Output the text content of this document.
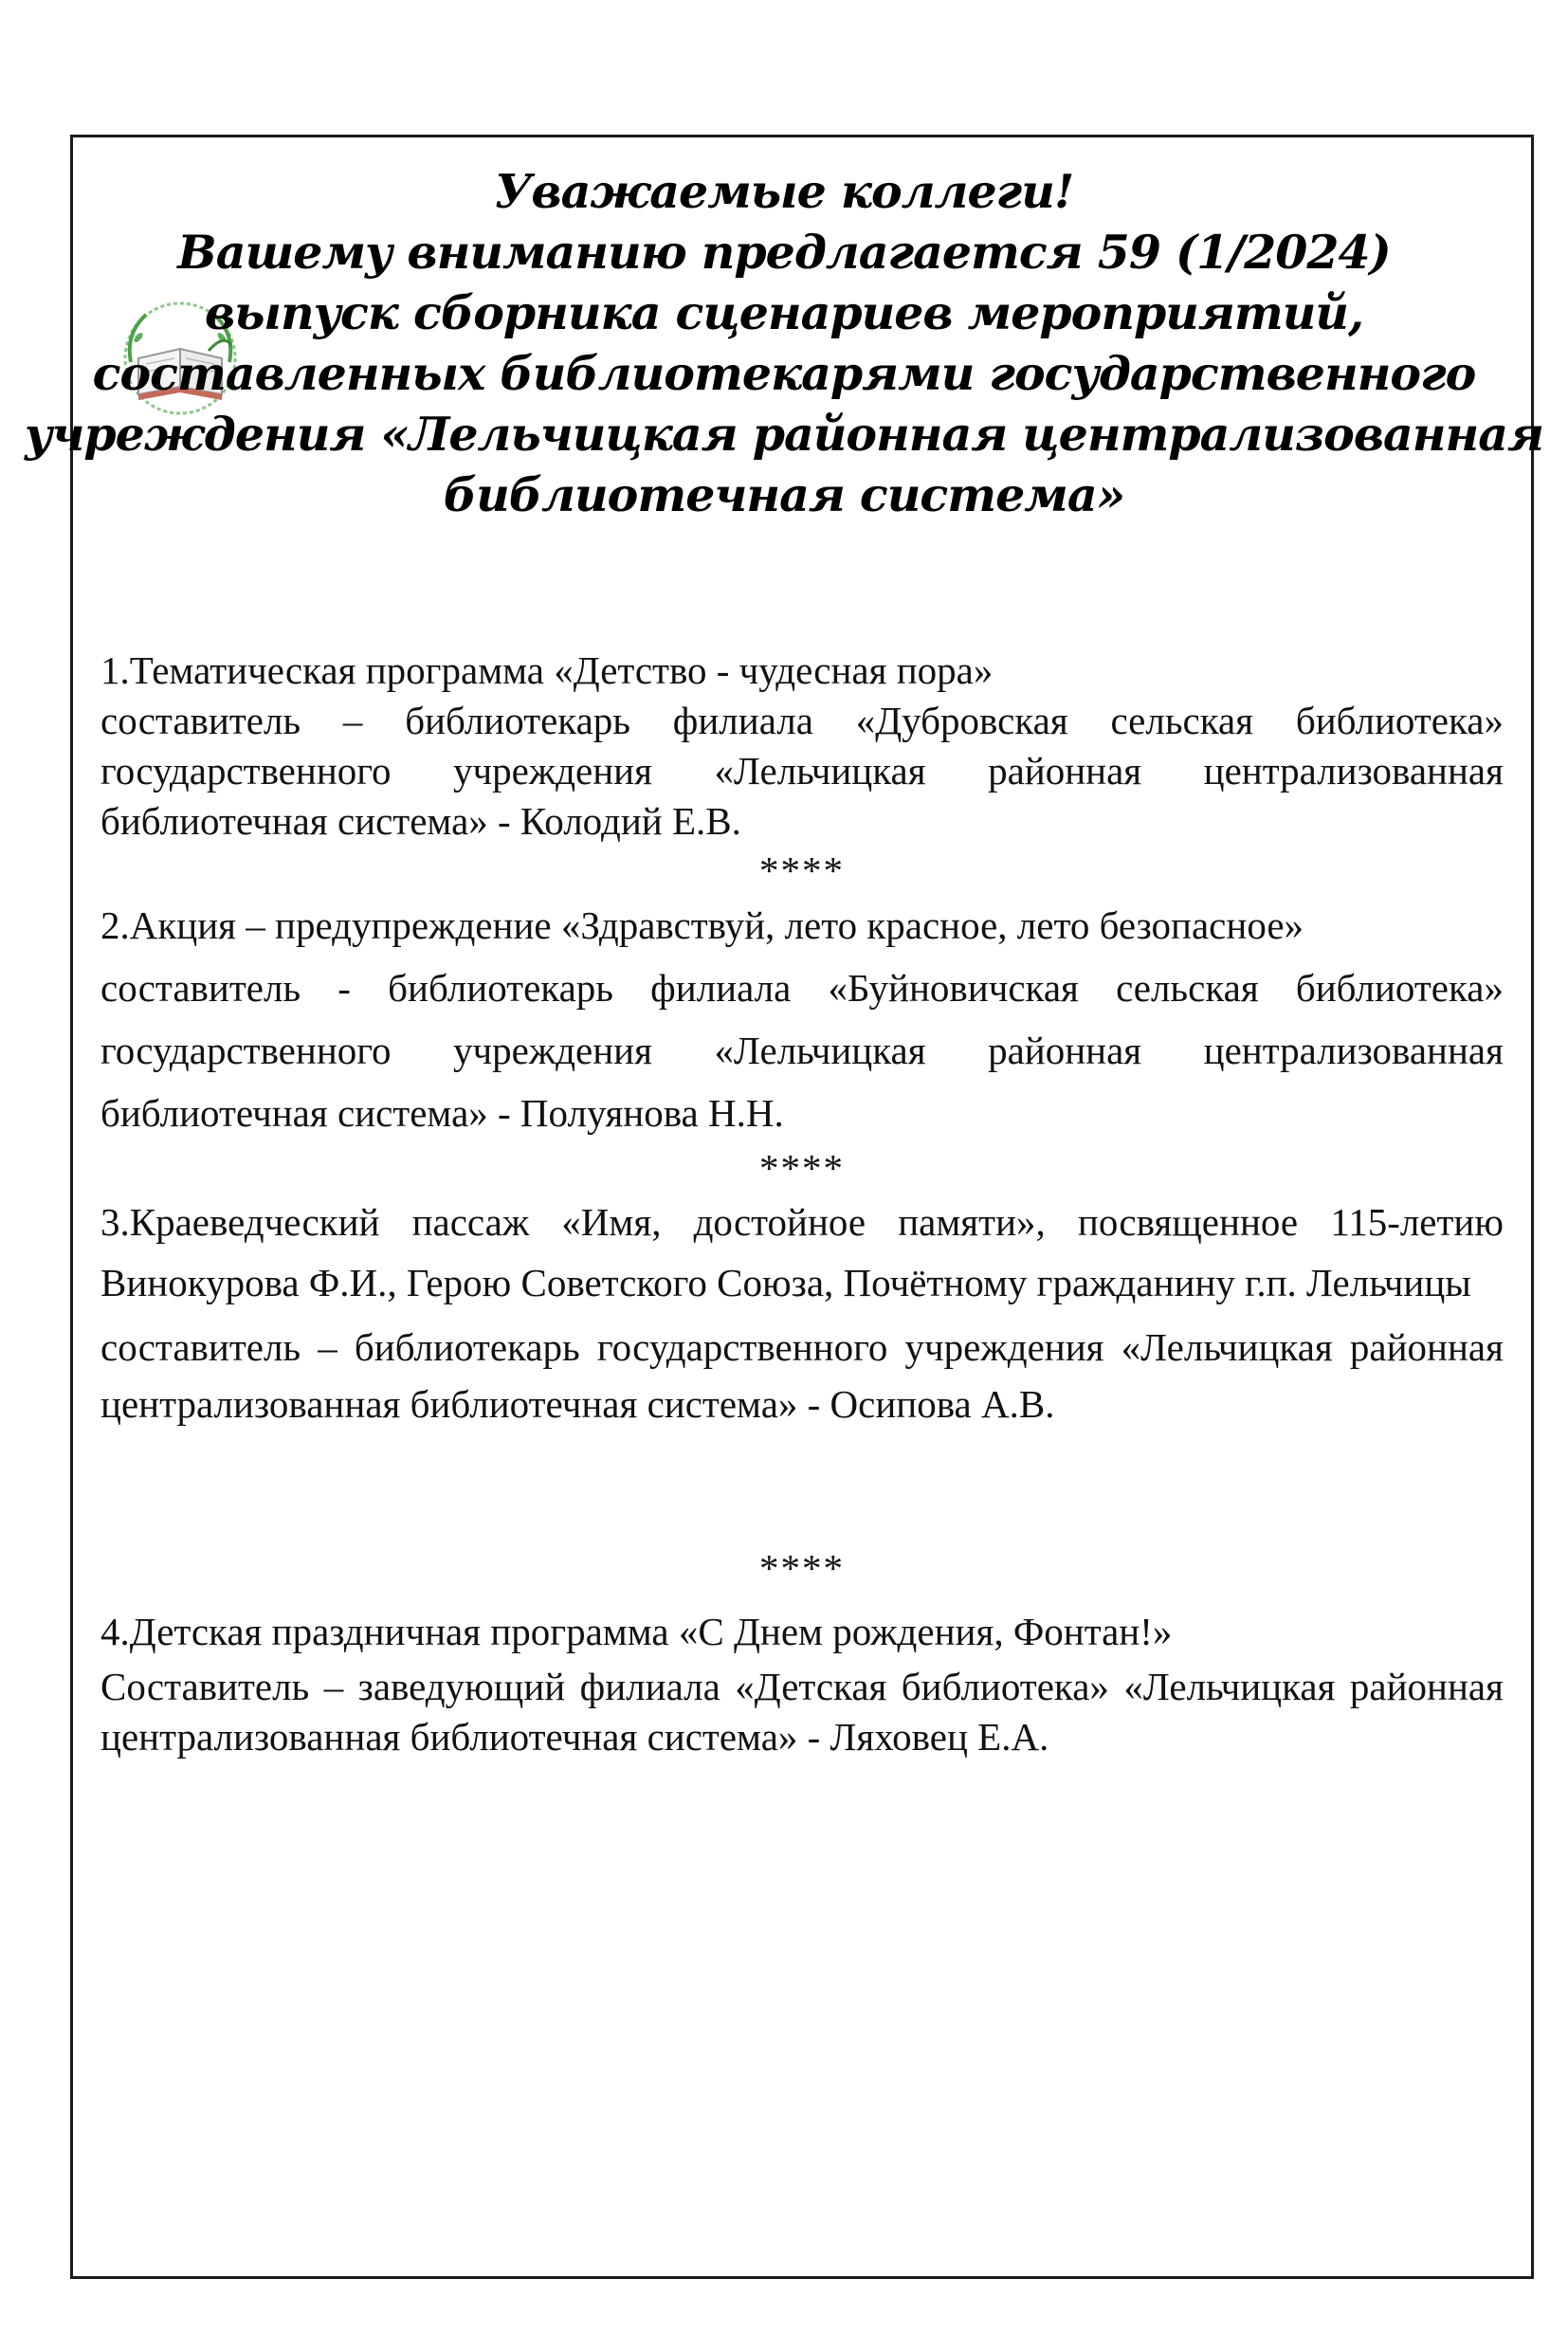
Уважаемые коллеги!
Вашему вниманию предлагается 59 (1/2024)
выпуск сборника сценариев мероприятий,
составленных библиотекарями государственного
учреждения «Лельчицкая районная централизованная
библиотечная система»
1.Тематическая программа «Детство - чудесная пора»
составитель – библиотекарь филиала «Дубровская сельская библиотека» государственного учреждения «Лельчицкая районная централизованная библиотечная система» - Колодий Е.В.
****
2.Акция – предупреждение «Здравствуй, лето красное, лето безопасное»
составитель - библиотекарь филиала «Буйновичская сельская библиотека» государственного учреждения «Лельчицкая районная централизованная библиотечная система» - Полуянова Н.Н.
****
3.Краеведческий пассаж «Имя, достойное памяти», посвященное 115-летию Винокурова Ф.И., Герою Советского Союза, Почётному гражданину г.п. Лельчицы
составитель – библиотекарь государственного учреждения «Лельчицкая районная централизованная библиотечная система» - Осипова А.В.
****
4.Детская праздничная программа «С Днем рождения, Фонтан!»
Составитель – заведующий филиала «Детская библиотека» «Лельчицкая районная централизованная библиотечная система» - Ляховец Е.А.
